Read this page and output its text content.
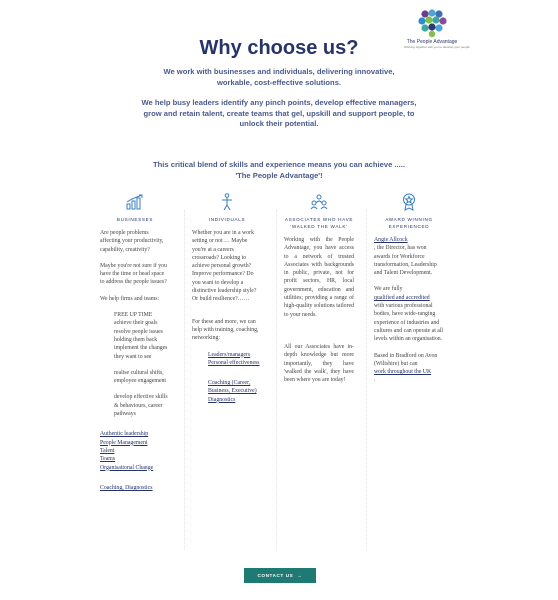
The People Advantage
Working together with you to develop your people
Why choose us?

We work with businesses and individuals, delivering innovative, workable, cost-effective solutions.

We help busy leaders identify any pinch points, develop effective managers, grow and retain talent, create teams that gel, upskill and support people, to unlock their potential.

This critical blend of skills and experience means you can achieve ..... 'The People Advantage'!

BUSINESSES

Are people problems affecting your productivity, capability, creativity?

Maybe you're not sure if you have the time or head space to address the people issues?

We help firms and teams:

FREE UP TIME achieve their goals resolve people issues holding them back implement the changes they want to see

realise cultural shifts, employee engagement

develop effective skills & behaviours, career pathways

Authentic leadership
People Management
Talent
Teams
Organisational Change

Coaching, Diagnostics

INDIVIDUALS

Whether you are in a work setting or not … Maybe you're at a careers crossroads? Looking to achieve personal growth? Improve performance? Do you want to develop a distinctive leadership style? Or build resilience?……

For these and more, we can help with training, coaching, networking:

Leaders/managers
Personal effectiveness

Coaching (Career, Business, Executive)
Diagnostics

ASSOCIATES WHO HAVE 'WALKED THE WALK'

Working with the People Advantage, you have access to a network of trusted Associates with backgrounds in public, private, not for profit sectors, HR, local government, education and utilities; providing a range of high-quality solutions tailored to your needs.

All our Associates have in-depth knowledge but more importantly, they have 'walked the walk', they have been where you are today!

AWARD WINNING EXPERIENCED

Angie Allcock
, the Director, has won awards for Workforce transformation, Leadership and Talent Development.

We are fully
qualified and accredited
with various professional bodies, have wide-ranging experience of industries and cultures and can operate at all levels within an organisation.

Based in Bradford on Avon (Wiltshire) but can
work throughout the UK
.

CONTACT US →
